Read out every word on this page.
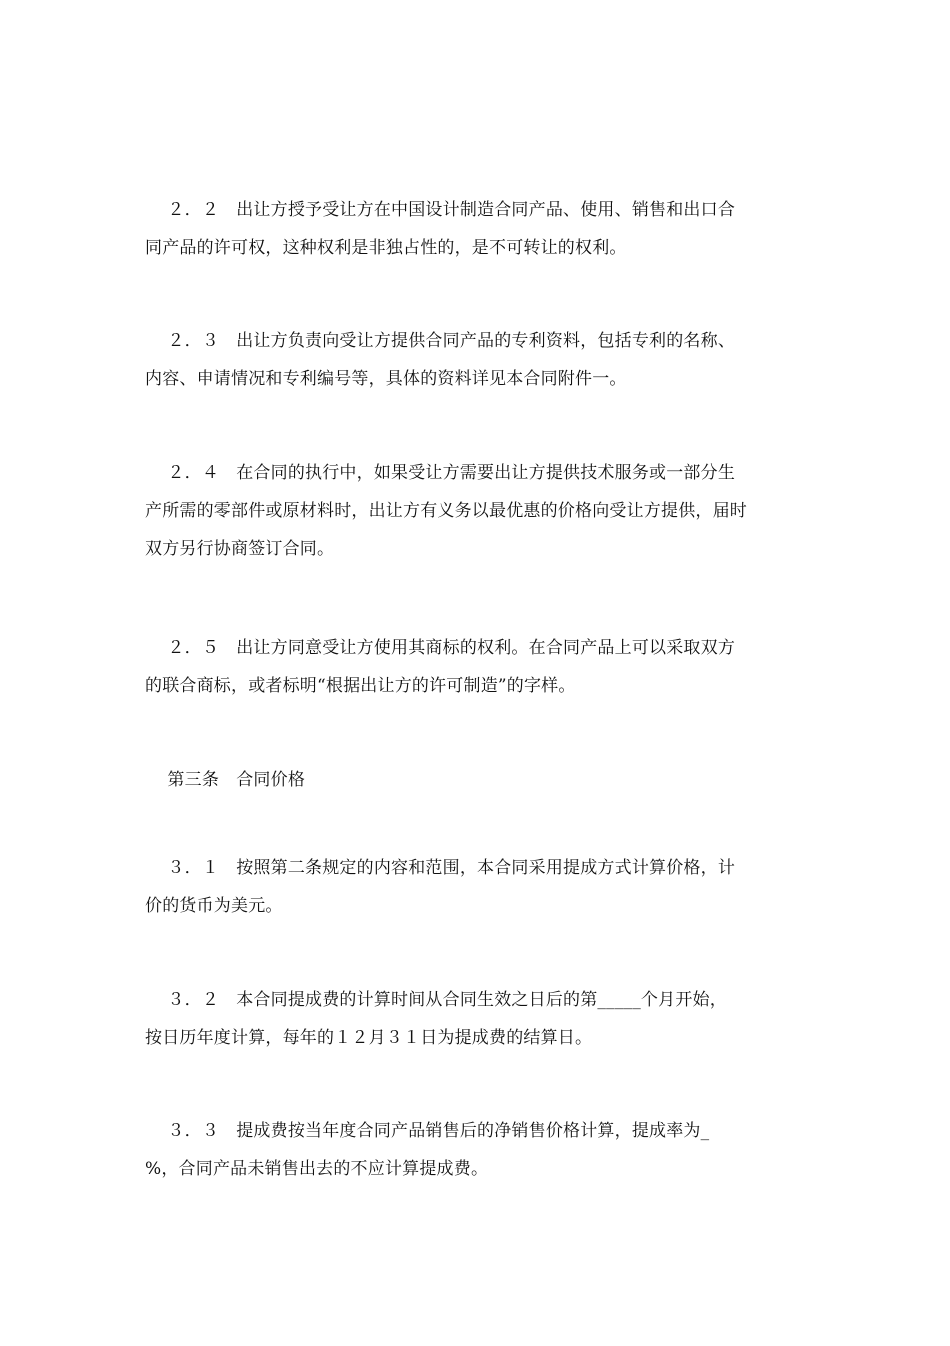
２．２　出让方授予受让方在中国设计制造合同产品、使用、销售和出口合
同产品的许可权，这种权利是非独占性的，是不可转让的权利。

２．３　出让方负责向受让方提供合同产品的专利资料，包括专利的名称、
内容、申请情况和专利编号等，具体的资料详见本合同附件一。

２．４　在合同的执行中，如果受让方需要出让方提供技术服务或一部分生
产所需的零部件或原材料时，出让方有义务以最优惠的价格向受让方提供，届时
双方另行协商签订合同。

２．５　出让方同意受让方使用其商标的权利。在合同产品上可以采取双方
的联合商标，或者标明“根据出让方的许可制造”的字样。

第三条　合同价格

３．１　按照第二条规定的内容和范围，本合同采用提成方式计算价格，计
价的货币为美元。

３．２　本合同提成费的计算时间从合同生效之日后的第_____个月开始，
按日历年度计算，每年的１２月３１日为提成费的结算日。

３．３　提成费按当年度合同产品销售后的净销售价格计算，提成率为_
%，合同产品未销售出去的不应计算提成费。
